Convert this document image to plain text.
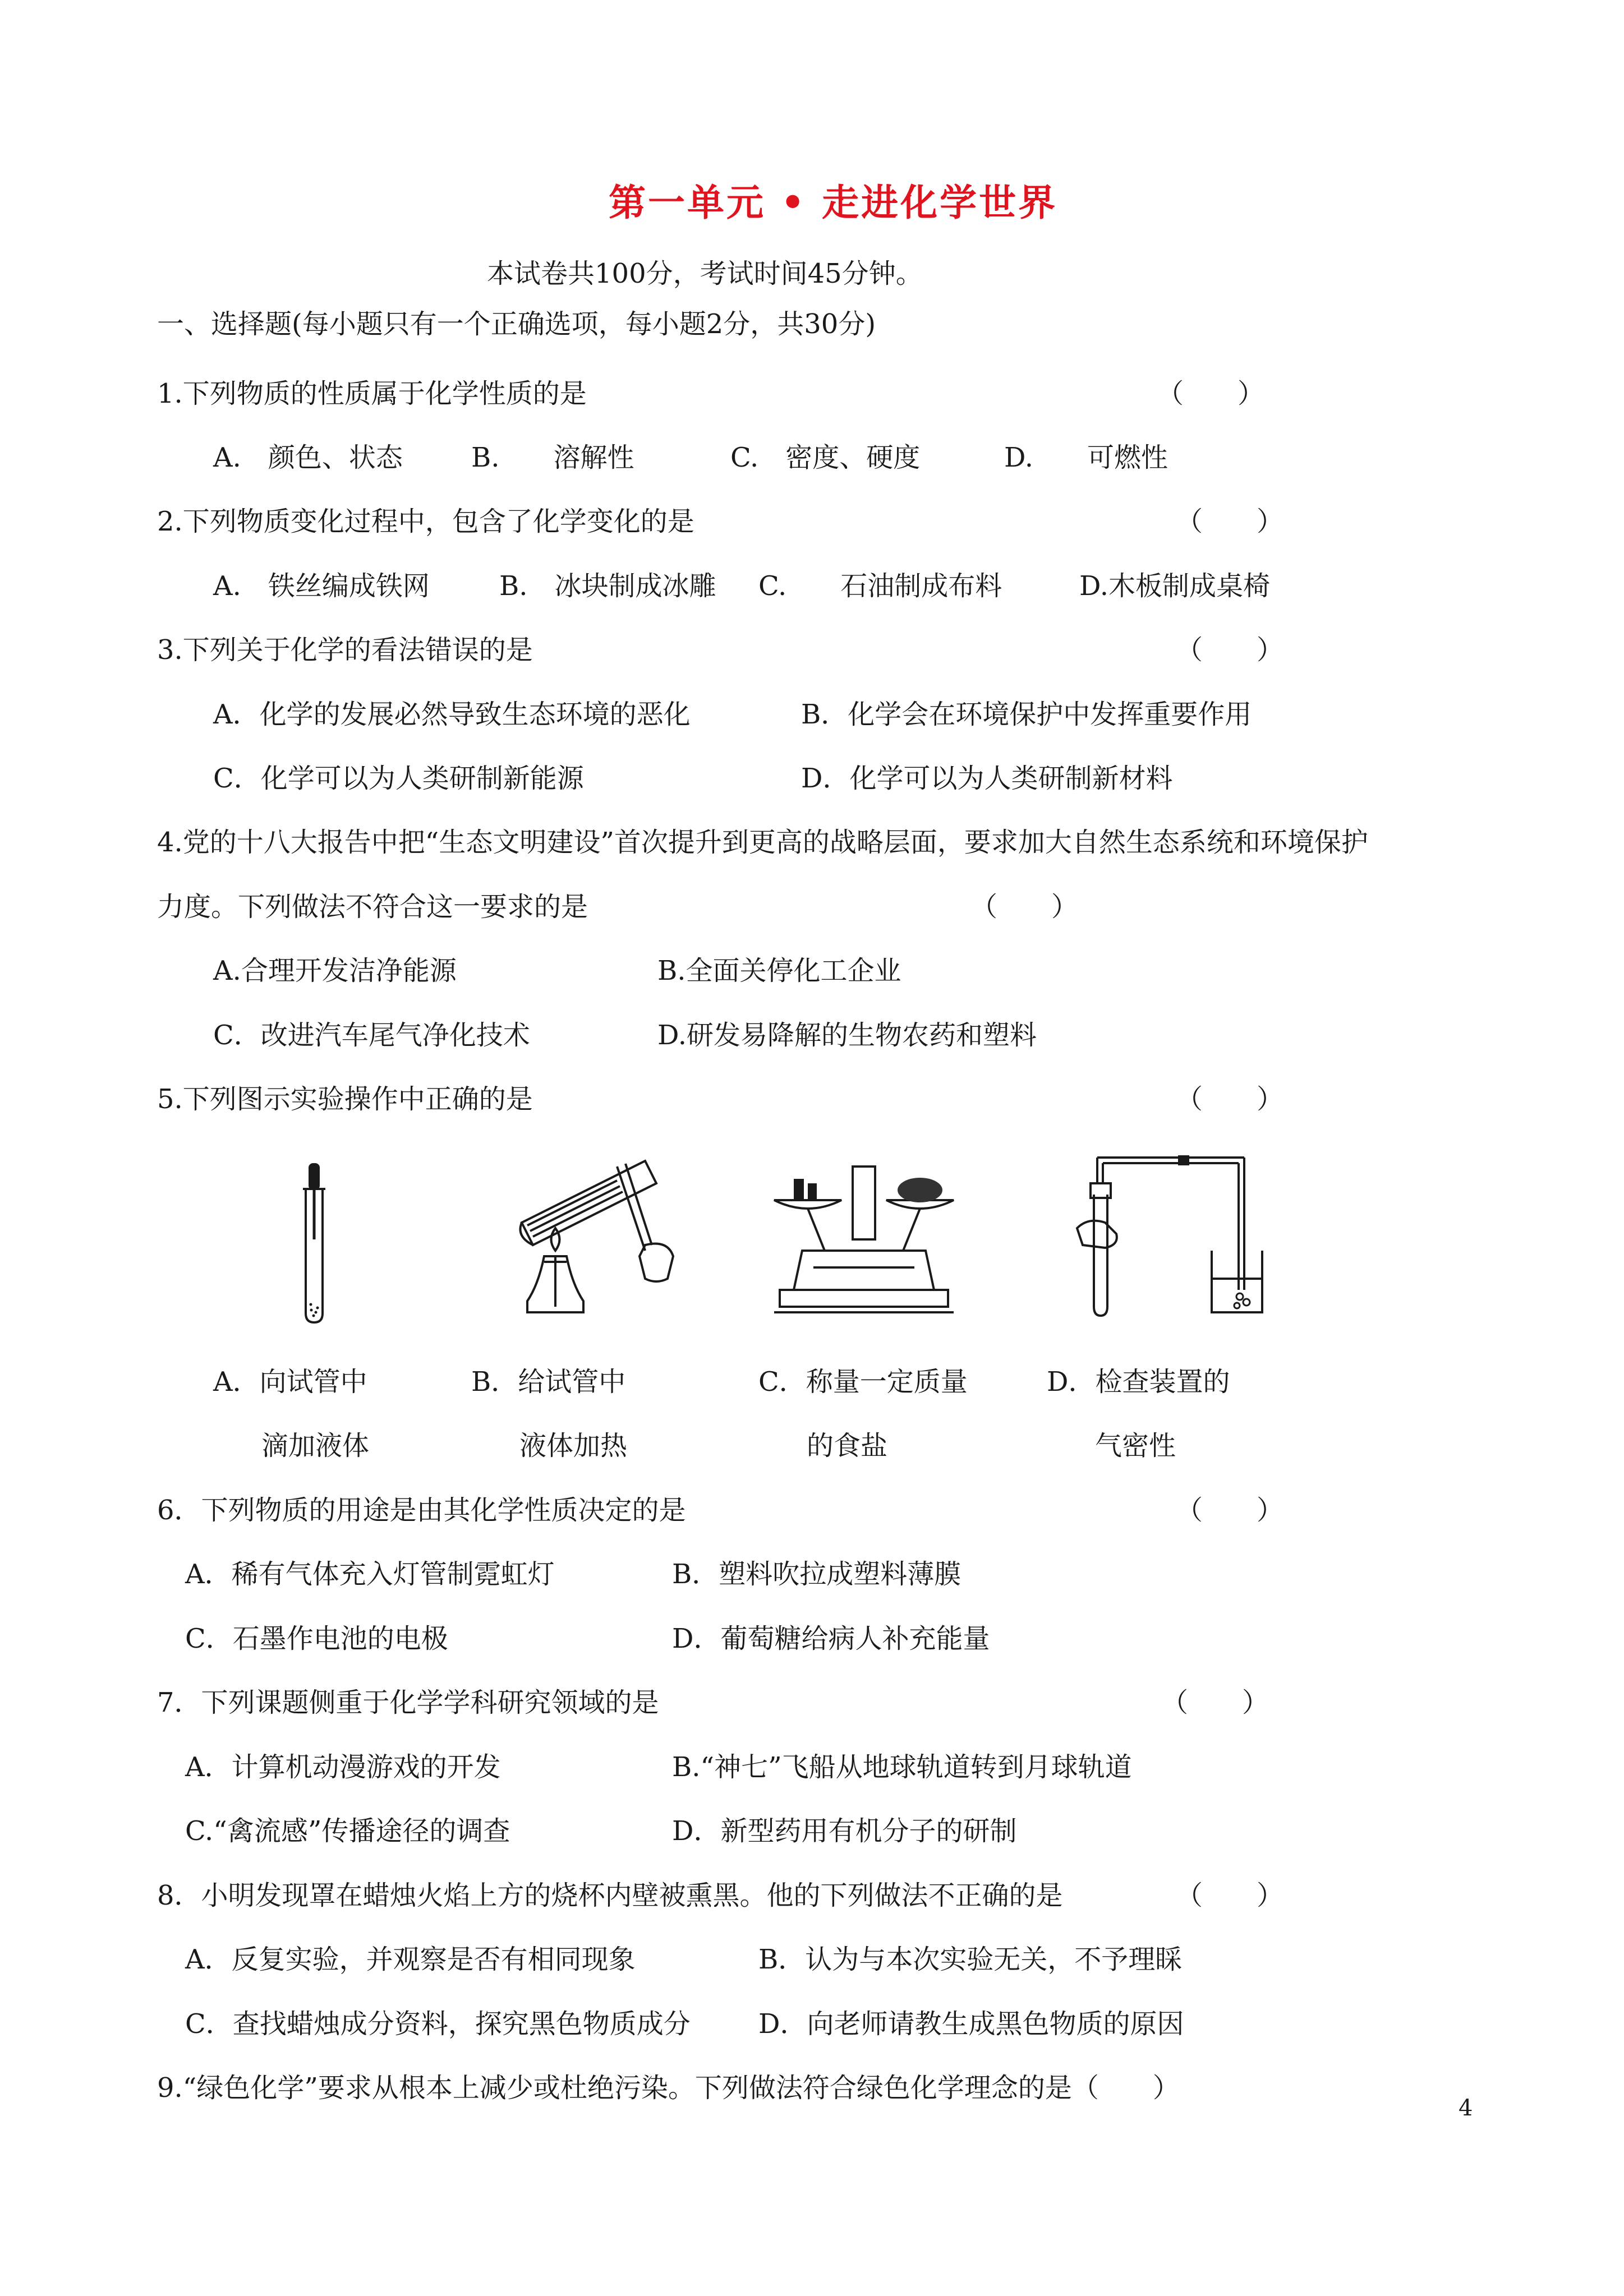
第一单元 • 走进化学世界
本试卷共100分，考试时间45分钟。
一、选择题(每小题只有一个正确选项，每小题2分，共30分)
1.下列物质的性质属于化学性质的是	（　　）
A.　颜色、状态	B.　　溶解性	C.　密度、硬度	D.　　可燃性
2.下列物质变化过程中，包含了化学变化的是	（　　）
A.　铁丝编成铁网	B.　冰块制成冰雕 C.　　石油制成布料	D.木板制成桌椅
3.下列关于化学的看法错误的是	（　　）
A．化学的发展必然导致生态环境的恶化	B．化学会在环境保护中发挥重要作用
C．化学可以为人类研制新能源	D．化学可以为人类研制新材料
4.党的十八大报告中把“生态文明建设”首次提升到更高的战略层面，要求加大自然生态系统和环境保护
力度。下列做法不符合这一要求的是	（　　）
A.合理开发洁净能源	B.全面关停化工企业
C．改进汽车尾气净化技术	D.研发易降解的生物农药和塑料
5.下列图示实验操作中正确的是	（　　）
A．向试管中
滴加液体
B．给试管中
液体加热
C．称量一定质量
的食盐
D．检查装置的
气密性
6．下列物质的用途是由其化学性质决定的是	（　　）
A．稀有气体充入灯管制霓虹灯	B．塑料吹拉成塑料薄膜
C．石墨作电池的电极	D．葡萄糖给病人补充能量
7．下列课题侧重于化学学科研究领域的是	（　　）
A．计算机动漫游戏的开发	B.“神七”飞船从地球轨道转到月球轨道
C.“禽流感”传播途径的调查	D．新型药用有机分子的研制
8．小明发现罩在蜡烛火焰上方的烧杯内壁被熏黑。他的下列做法不正确的是	（　　）
A．反复实验，并观察是否有相同现象	B．认为与本次实验无关，不予理睬
C．查找蜡烛成分资料，探究黑色物质成分	D．向老师请教生成黑色物质的原因
9.“绿色化学”要求从根本上减少或杜绝污染。下列做法符合绿色化学理念的是（　　）
4
